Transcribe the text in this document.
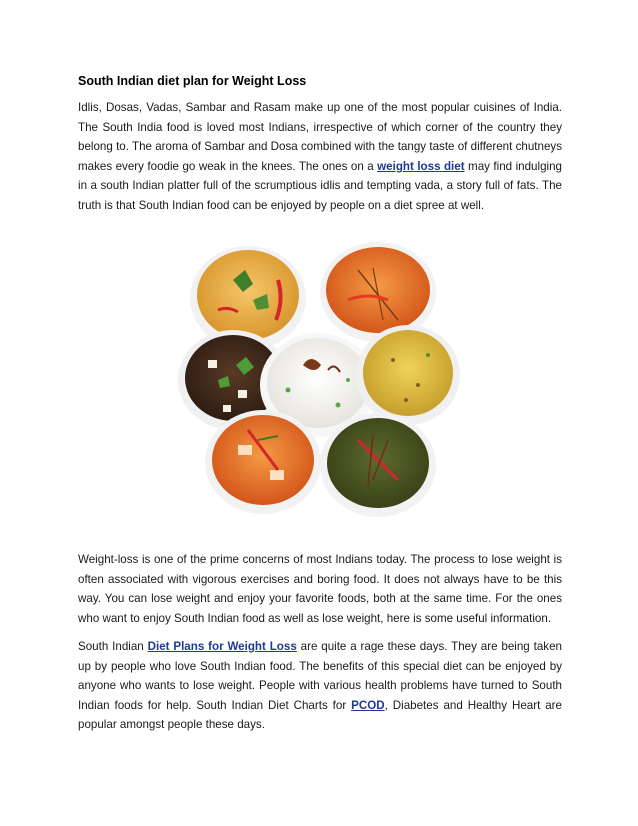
South Indian diet plan for Weight Loss

Idlis, Dosas, Vadas, Sambar and Rasam make up one of the most popular cuisines of India. The South India food is loved most Indians, irrespective of which corner of the country they belong to. The aroma of Sambar and Dosa combined with the tangy taste of different chutneys makes every foodie go weak in the knees. The ones on a weight loss diet may find indulging in a south Indian platter full of the scrumptious idlis and tempting vada, a story full of fats. The truth is that South Indian food can be enjoyed by people on a diet spree at well.

Weight-loss is one of the prime concerns of most Indians today. The process to lose weight is often associated with vigorous exercises and boring food. It does not always have to be this way. You can lose weight and enjoy your favorite foods, both at the same time. For the ones who want to enjoy South Indian food as well as lose weight, here is some useful information.

South Indian Diet Plans for Weight Loss are quite a rage these days. They are being taken up by people who love South Indian food. The benefits of this special diet can be enjoyed by anyone who wants to lose weight. People with various health problems have turned to South Indian foods for help. South Indian Diet Charts for PCOD, Diabetes and Healthy Heart are popular amongst people these days.
